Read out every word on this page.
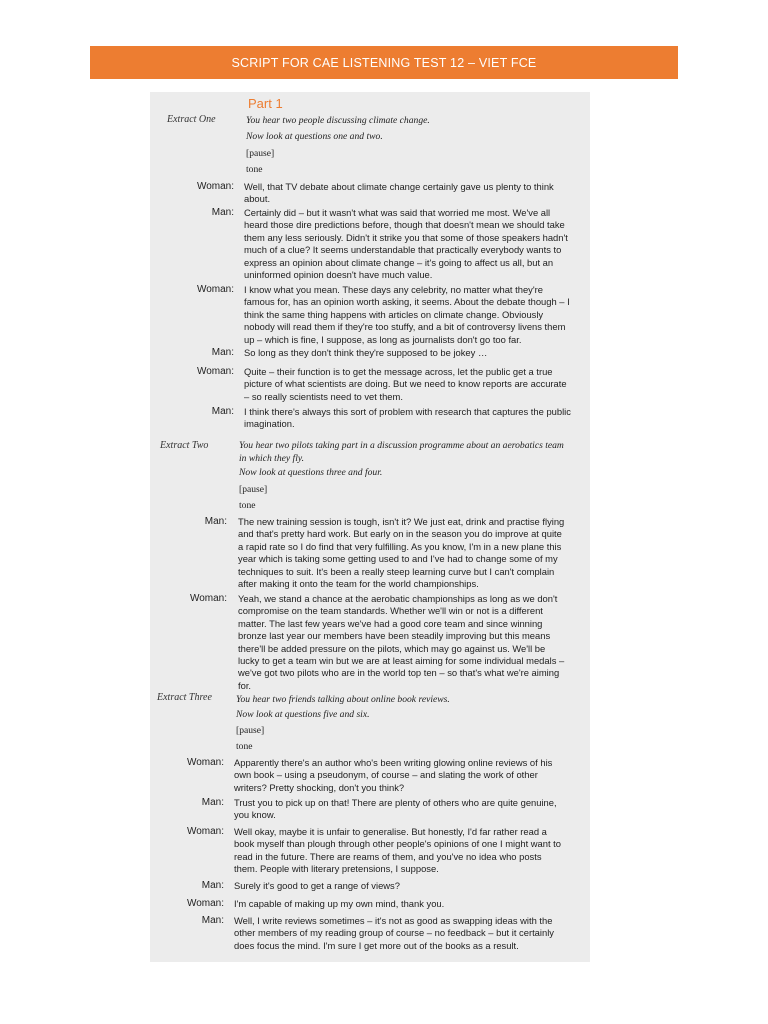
SCRIPT FOR CAE LISTENING TEST 12 – VIET FCE
Part 1
Extract One	You hear two people discussing climate change.
Now look at questions one and two.
[pause]
tone
Woman: Well, that TV debate about climate change certainly gave us plenty to think about.
Man: Certainly did – but it wasn't what was said that worried me most. We've all heard those dire predictions before, though that doesn't mean we should take them any less seriously. Didn't it strike you that some of those speakers hadn't much of a clue? It seems understandable that practically everybody wants to express an opinion about climate change – it's going to affect us all, but an uninformed opinion doesn't have much value.
Woman: I know what you mean. These days any celebrity, no matter what they're famous for, has an opinion worth asking, it seems. About the debate though – I think the same thing happens with articles on climate change. Obviously nobody will read them if they're too stuffy, and a bit of controversy livens them up – which is fine, I suppose, as long as journalists don't go too far.
Man: So long as they don't think they're supposed to be jokey …
Woman: Quite – their function is to get the message across, let the public get a true picture of what scientists are doing. But we need to know reports are accurate – so really scientists need to vet them.
Man: I think there's always this sort of problem with research that captures the public imagination.
Extract Two	You hear two pilots taking part in a discussion programme about an aerobatics team in which they fly.
Now look at questions three and four.
[pause]
tone
Man: The new training session is tough, isn't it? We just eat, drink and practise flying and that's pretty hard work. But early on in the season you do improve at quite a rapid rate so I do find that very fulfilling. As you know, I'm in a new plane this year which is taking some getting used to and I've had to change some of my techniques to suit. It's been a really steep learning curve but I can't complain after making it onto the team for the world championships.
Woman: Yeah, we stand a chance at the aerobatic championships as long as we don't compromise on the team standards. Whether we'll win or not is a different matter. The last few years we've had a good core team and since winning bronze last year our members have been steadily improving but this means there'll be added pressure on the pilots, which may go against us. We'll be lucky to get a team win but we are at least aiming for some individual medals – we've got two pilots who are in the world top ten – so that's what we're aiming for.
Extract Three	You hear two friends talking about online book reviews.
Now look at questions five and six.
[pause]
tone
Woman: Apparently there's an author who's been writing glowing online reviews of his own book – using a pseudonym, of course – and slating the work of other writers? Pretty shocking, don't you think?
Man: Trust you to pick up on that! There are plenty of others who are quite genuine, you know.
Woman: Well okay, maybe it is unfair to generalise. But honestly, I'd far rather read a book myself than plough through other people's opinions of one I might want to read in the future. There are reams of them, and you've no idea who posts them. People with literary pretensions, I suppose.
Man: Surely it's good to get a range of views?
Woman: I'm capable of making up my own mind, thank you.
Man: Well, I write reviews sometimes – it's not as good as swapping ideas with the other members of my reading group of course – no feedback – but it certainly does focus the mind. I'm sure I get more out of the books as a result.
